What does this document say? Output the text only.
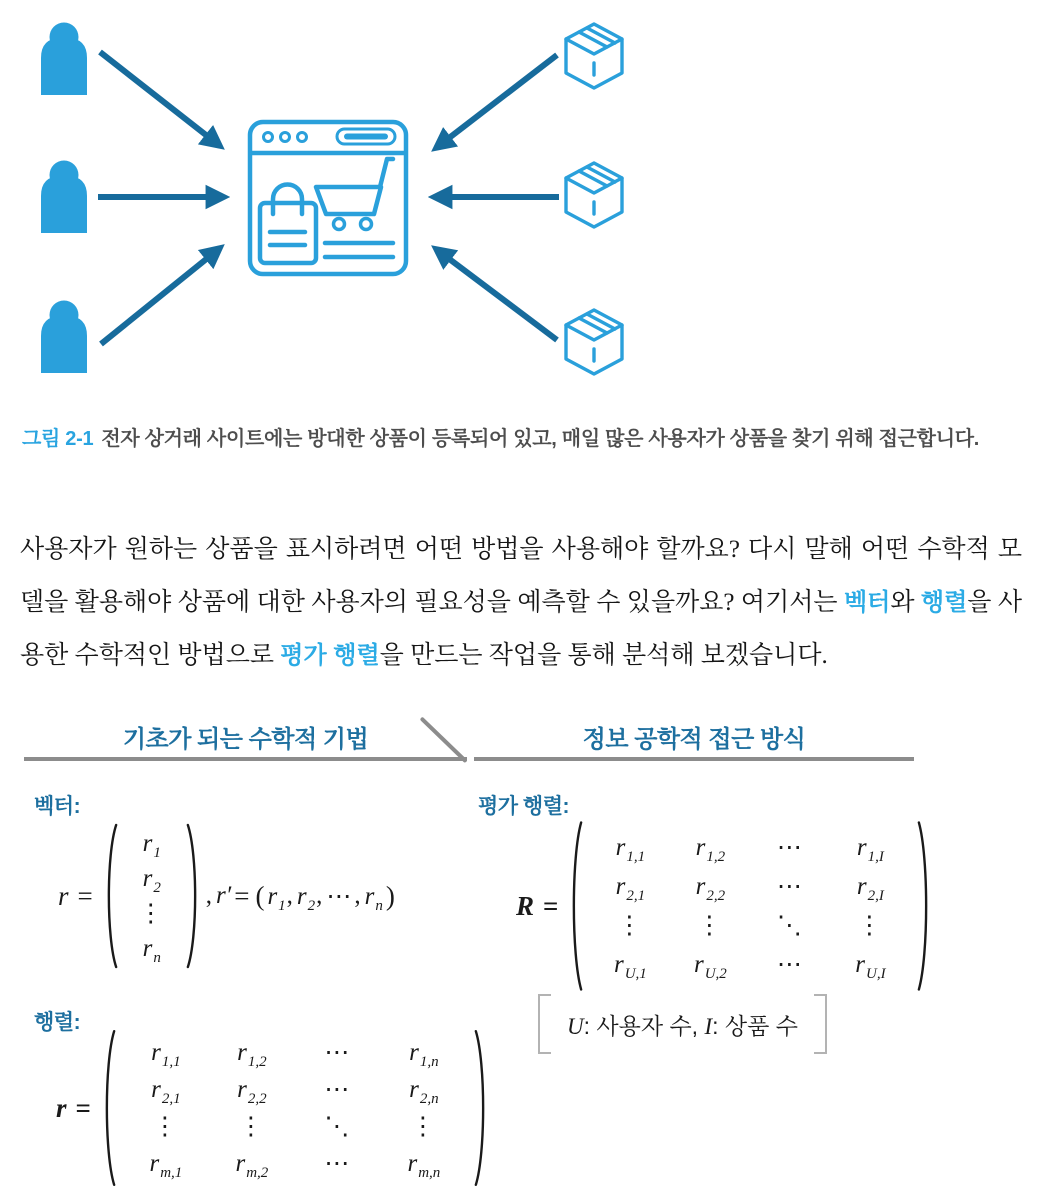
그림 2-1 전자 상거래 사이트에는 방대한 상품이 등록되어 있고, 매일 많은 사용자가 상품을 찾기 위해 접근합니다.

사용자가 원하는 상품을 표시하려면 어떤 방법을 사용해야 할까요? 다시 말해 어떤 수학적 모델을 활용해야 상품에 대한 사용자의 필요성을 예측할 수 있을까요? 여기서는 벡터와 행렬을 사용한 수학적인 방법으로 평가 행렬을 만드는 작업을 통해 분석해 보겠습니다.

기초가 되는 수학적 기법	정보 공학적 접근 방식
벡터:	평가 행렬:
행렬:
r =
$r_1$
$r_2$
⋮
$r_n$
, r′ = ( $r_1$ , $r_2$ , ⋯ , $r_n$ )	R =
$r_{1,1}$	$r_{1,2}$	⋯	$r_{1,I}$
$r_{2,1}$	$r_{2,2}$	⋯	$r_{2,I}$
⋮	⋮	⋱	⋮
$r_{U,1}$	$r_{U,2}$	⋯	$r_{U,I}$
U: 사용자 수, I: 상품 수
r =
$r_{1,1}$	$r_{1,2}$	⋯	$r_{1,n}$
$r_{2,1}$	$r_{2,2}$	⋯	$r_{2,n}$
⋮	⋮	⋱	⋮
$r_{m,1}$	$r_{m,2}$	⋯	$r_{m,n}$
